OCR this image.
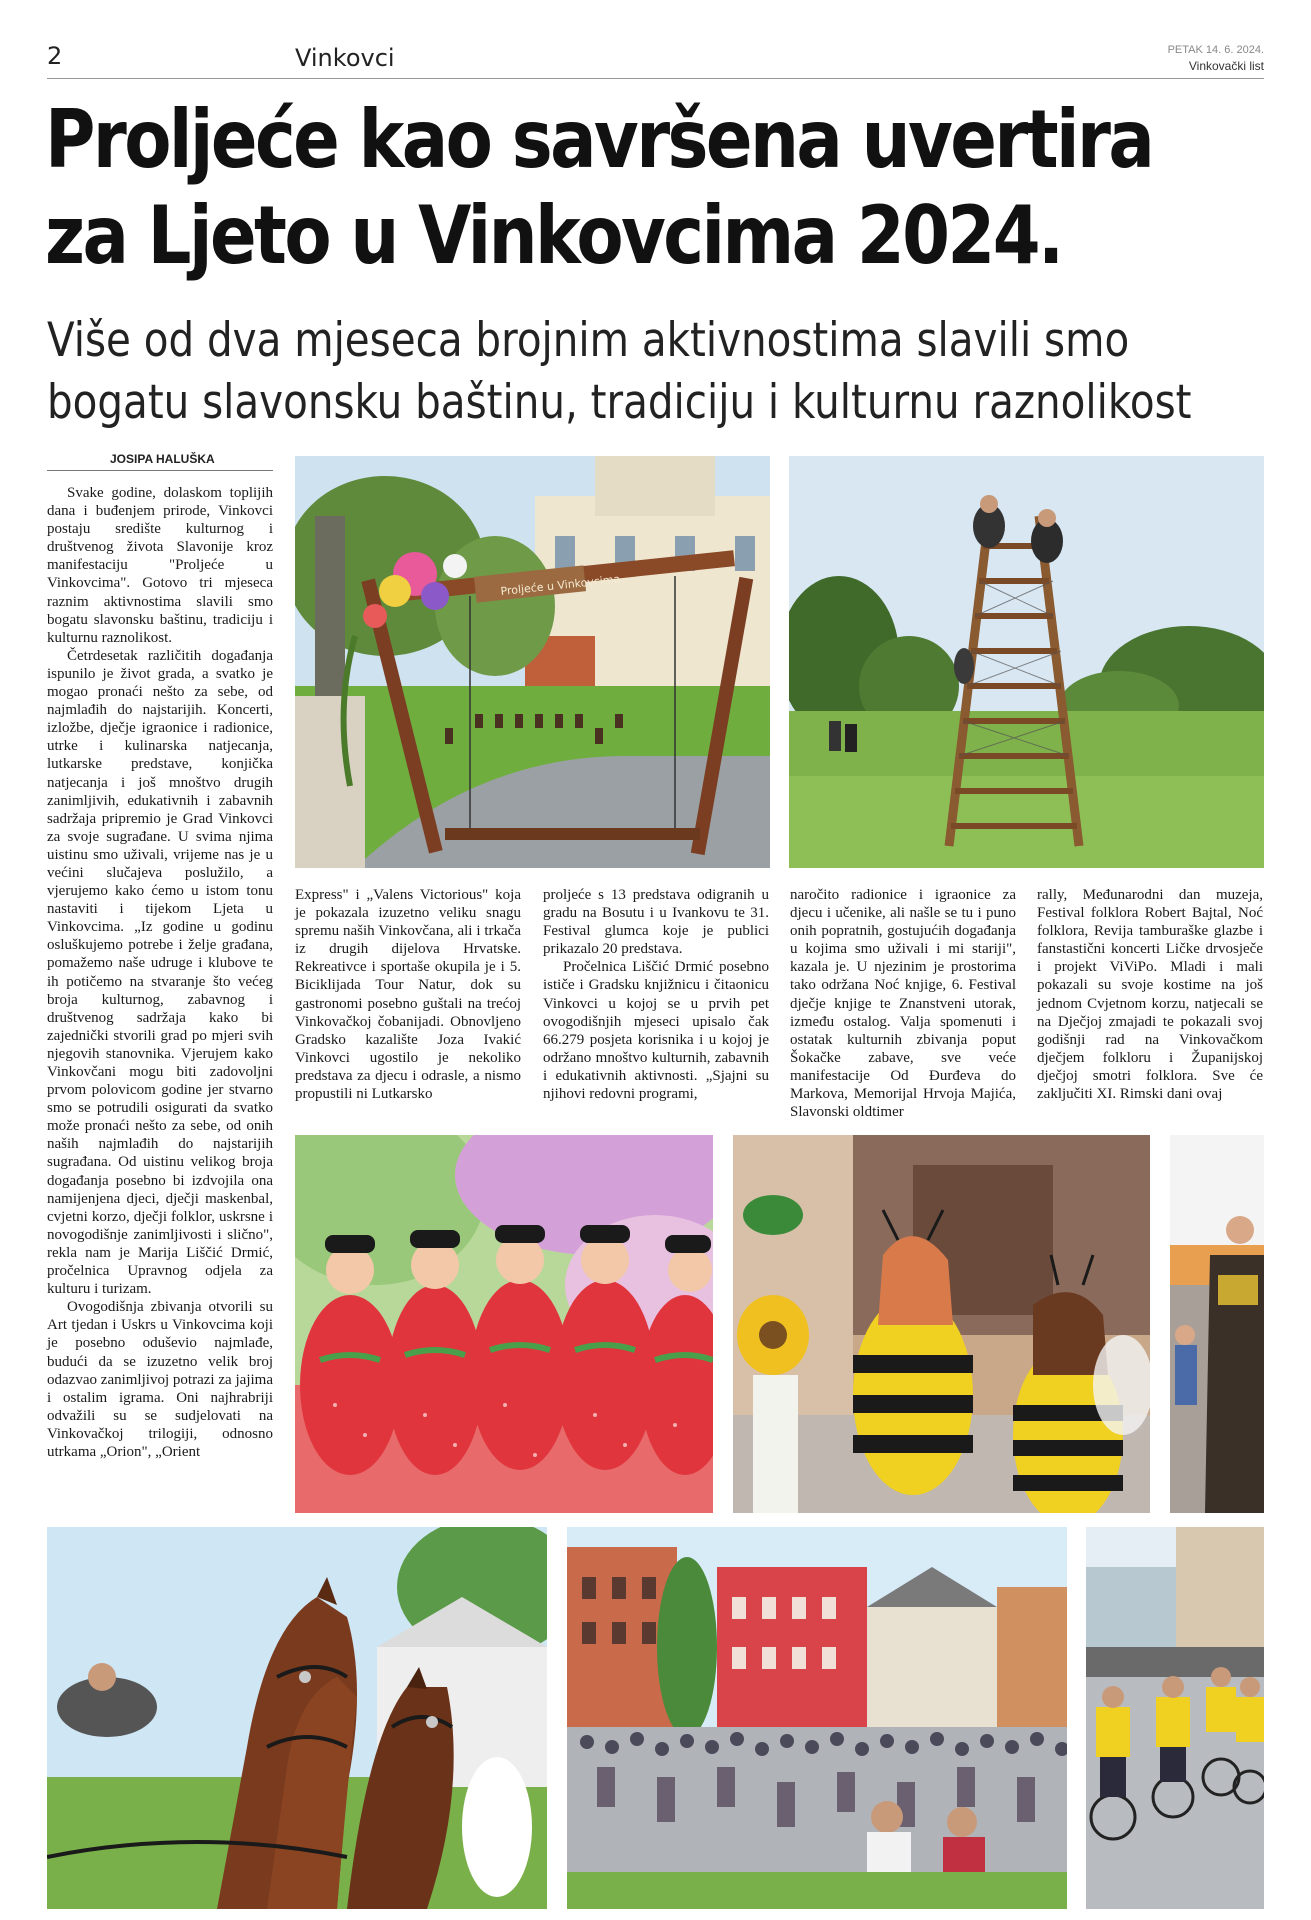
2	Vinkovci	PETAK 14. 6. 2024.
Vinkovački list
Proljeće kao savršena uvertira
za Ljeto u Vinkovcima 2024.
Više od dva mjeseca brojnim aktivnostima slavili smo
bogatu slavonsku baštinu, tradiciju i kulturnu raznolikost
JOSIPA HALUŠKA

Svake godine, dolaskom toplijih dana i buđenjem prirode, Vinkovci postaju središte kulturnog i društvenog života Slavonije kroz manifestaciju "Proljeće u Vinkovcima". Gotovo tri mjeseca raznim aktivnostima slavili smo bogatu slavonsku baštinu, tradiciju i kulturnu raznolikost.

Četrdesetak različitih događanja ispunilo je život grada, a svatko je mogao pronaći nešto za sebe, od najmlađih do najstarijih. Koncerti, izložbe, dječje igraonice i radionice, utrke i kulinarska natjecanja, lutkarske predstave, konjička natjecanja i još mnoštvo drugih zanimljivih, edukativnih i zabavnih sadržaja pripremio je Grad Vinkovci za svoje sugrađane. U svima njima uistinu smo uživali, vrijeme nas je u većini slučajeva poslužilo, a vjerujemo kako ćemo u istom tonu nastaviti i tijekom Ljeta u Vinkovcima. „Iz godine u godinu osluškujemo potrebe i želje građana, pomažemo naše udruge i klubove te ih potičemo na stvaranje što većeg broja kulturnog, zabavnog i društvenog sadržaja kako bi zajednički stvorili grad po mjeri svih njegovih stanovnika. Vjerujem kako Vinkovčani mogu biti zadovoljni prvom polovicom godine jer stvarno smo se potrudili osigurati da svatko može pronaći nešto za sebe, od onih naših najmlađih do najstarijih sugrađana. Od uistinu velikog broja događanja posebno bi izdvojila ona namijenjena djeci, dječji maskenbal, cvjetni korzo, dječji folklor, uskrsne i novogodišnje zanimljivosti i slično", rekla nam je Marija Liščić Drmić, pročelnica Upravnog odjela za kulturu i turizam.

Ovogodišnja zbivanja otvorili su Art tjedan i Uskrs u Vinkovcima koji je posebno oduševio najmlađe, budući da se izuzetno velik broj odazvao zanimljivoj potrazi za jajima i ostalim igrama. Oni najhrabriji odvažili su se sudjelovati na Vinkovačkoj trilogiji, odnosno utrkama „Orion", „Orient

Express" i „Valens Victorious" koja je pokazala izuzetno veliku snagu spremu naših Vinkovčana, ali i trkača iz drugih dijelova Hrvatske. Rekreativce i sportaše okupila je i 5. Biciklijada Tour Natur, dok su gastronomi posebno guštali na trećoj Vinkovačkoj čobanijadi. Obnovljeno Gradsko kazalište Joza Ivakić Vinkovci ugostilo je nekoliko predstava za djecu i odrasle, a nismo propustili ni Lutkarsko

proljeće s 13 predstava odigranih u gradu na Bosutu i u Ivankovu te 31. Festival glumca koje je publici prikazalo 20 predstava.

Pročelnica Liščić Drmić posebno ističe i Gradsku knjižnicu i čitaonicu Vinkovci u kojoj se u prvih pet ovogodišnjih mjeseci upisalo čak 66.279 posjeta korisnika i u kojoj je održano mnoštvo kulturnih, zabavnih i edukativnih aktivnosti. „Sjajni su njihovi redovni programi,

naročito radionice i igraonice za djecu i učenike, ali našle se tu i puno onih popratnih, gostujućih događanja u kojima smo uživali i mi stariji", kazala je. U njezinim je prostorima tako održana Noć knjige, 6. Festival dječje knjige te Znanstveni utorak, između ostalog. Valja spomenuti i ostatak kulturnih zbivanja poput Šokačke zabave, sve veće manifestacije Od Đurđeva do Markova, Memorijal Hrvoja Majića, Slavonski oldtimer

rally, Međunarodni dan muzeja, Festival folklora Robert Bajtal, Noć folklora, Revija tamburaške glazbe i fanstastični koncerti Ličke drvosječe i projekt ViViPo. Mladi i mali pokazali su svoje kostime na još jednom Cvjetnom korzu, natjecali se na Dječjoj zmajadi te pokazali svoj godišnji rad na Vinkovačkom dječjem folkloru i Županijskoj dječjoj smotri folklora. Sve će zaključiti XI. Rimski dani ovaj

Proljeće u Vinkovcima
